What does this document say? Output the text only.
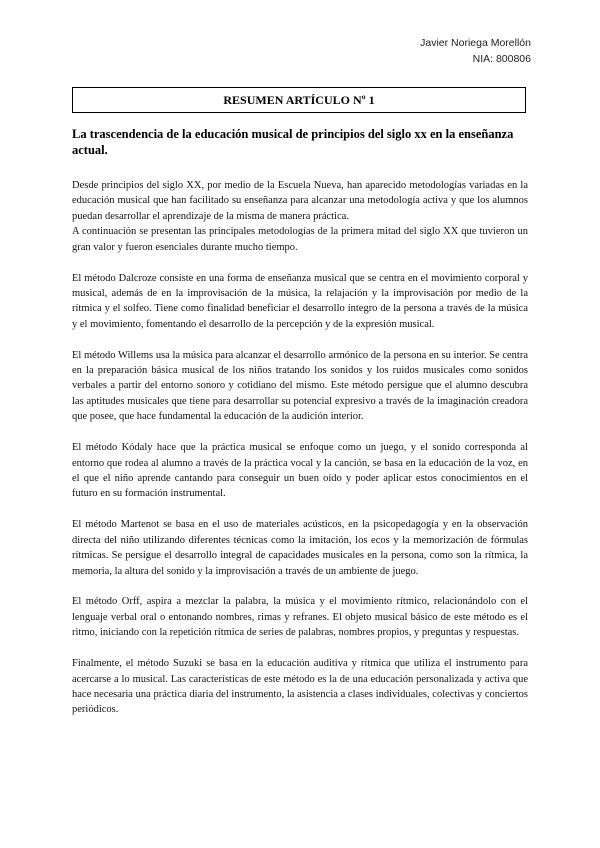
Javier Noriega Morellón
NIA: 800806
RESUMEN ARTÍCULO Nº 1
La trascendencia de la educación musical de principios del siglo xx en la enseñanza actual.

Desde principios del siglo XX, por medio de la Escuela Nueva, han aparecido metodologías variadas en la educación musical que han facilitado su enseñanza para alcanzar una metodología activa y que los alumnos puedan desarrollar el aprendizaje de la misma de manera práctica.

A continuación se presentan las principales metodologías de la primera mitad del siglo XX que tuvieron un gran valor y fueron esenciales durante mucho tiempo.

El método Dalcroze consiste en una forma de enseñanza musical que se centra en el movimiento corporal y musical, además de en la improvisación de la música, la relajación y la improvisación por medio de la rítmica y el solfeo. Tiene como finalidad beneficiar el desarrollo íntegro de la persona a través de la música y el movimiento, fomentando el desarrollo de la percepción y de la expresión musical.

El método Willems usa la música para alcanzar el desarrollo armónico de la persona en su interior. Se centra en la preparación básica musical de los niños tratando los sonidos y los ruidos musicales como sonidos verbales a partir del entorno sonoro y cotidiano del mismo. Este método persigue que el alumno descubra las aptitudes musicales que tiene para desarrollar su potencial expresivo a través de la imaginación creadora que posee, que hace fundamental la educación de la audición interior.

El método Kódaly hace que la práctica musical se enfoque como un juego, y el sonido corresponda al entorno que rodea al alumno a través de la práctica vocal y la canción, se basa en la educación de la voz, en el que el niño aprende cantando para conseguir un buen oído y poder aplicar estos conocimientos en el futuro en su formación instrumental.

El método Martenot se basa en el uso de materiales acústicos, en la psicopedagogía y en la observación directa del niño utilizando diferentes técnicas como la imitación, los ecos y la memorización de fórmulas rítmicas. Se persigue el desarrollo integral de capacidades musicales en la persona, como son la rítmica, la memoria, la altura del sonido y la improvisación a través de un ambiente de juego.

El método Orff, aspira a mezclar la palabra, la música y el movimiento rítmico, relacionándolo con el lenguaje verbal oral o entonando nombres, rimas y refranes. El objeto musical básico de este método es el ritmo, iniciando con la repetición rítmica de series de palabras, nombres propios, y preguntas y respuestas.

Finalmente, el método Suzuki se basa en la educación auditiva y rítmica que utiliza el instrumento para acercarse a lo musical. Las características de este método es la de una educación personalizada y activa que hace necesaria una práctica diaria del instrumento, la asistencia a clases individuales, colectivas y conciertos periódicos.
